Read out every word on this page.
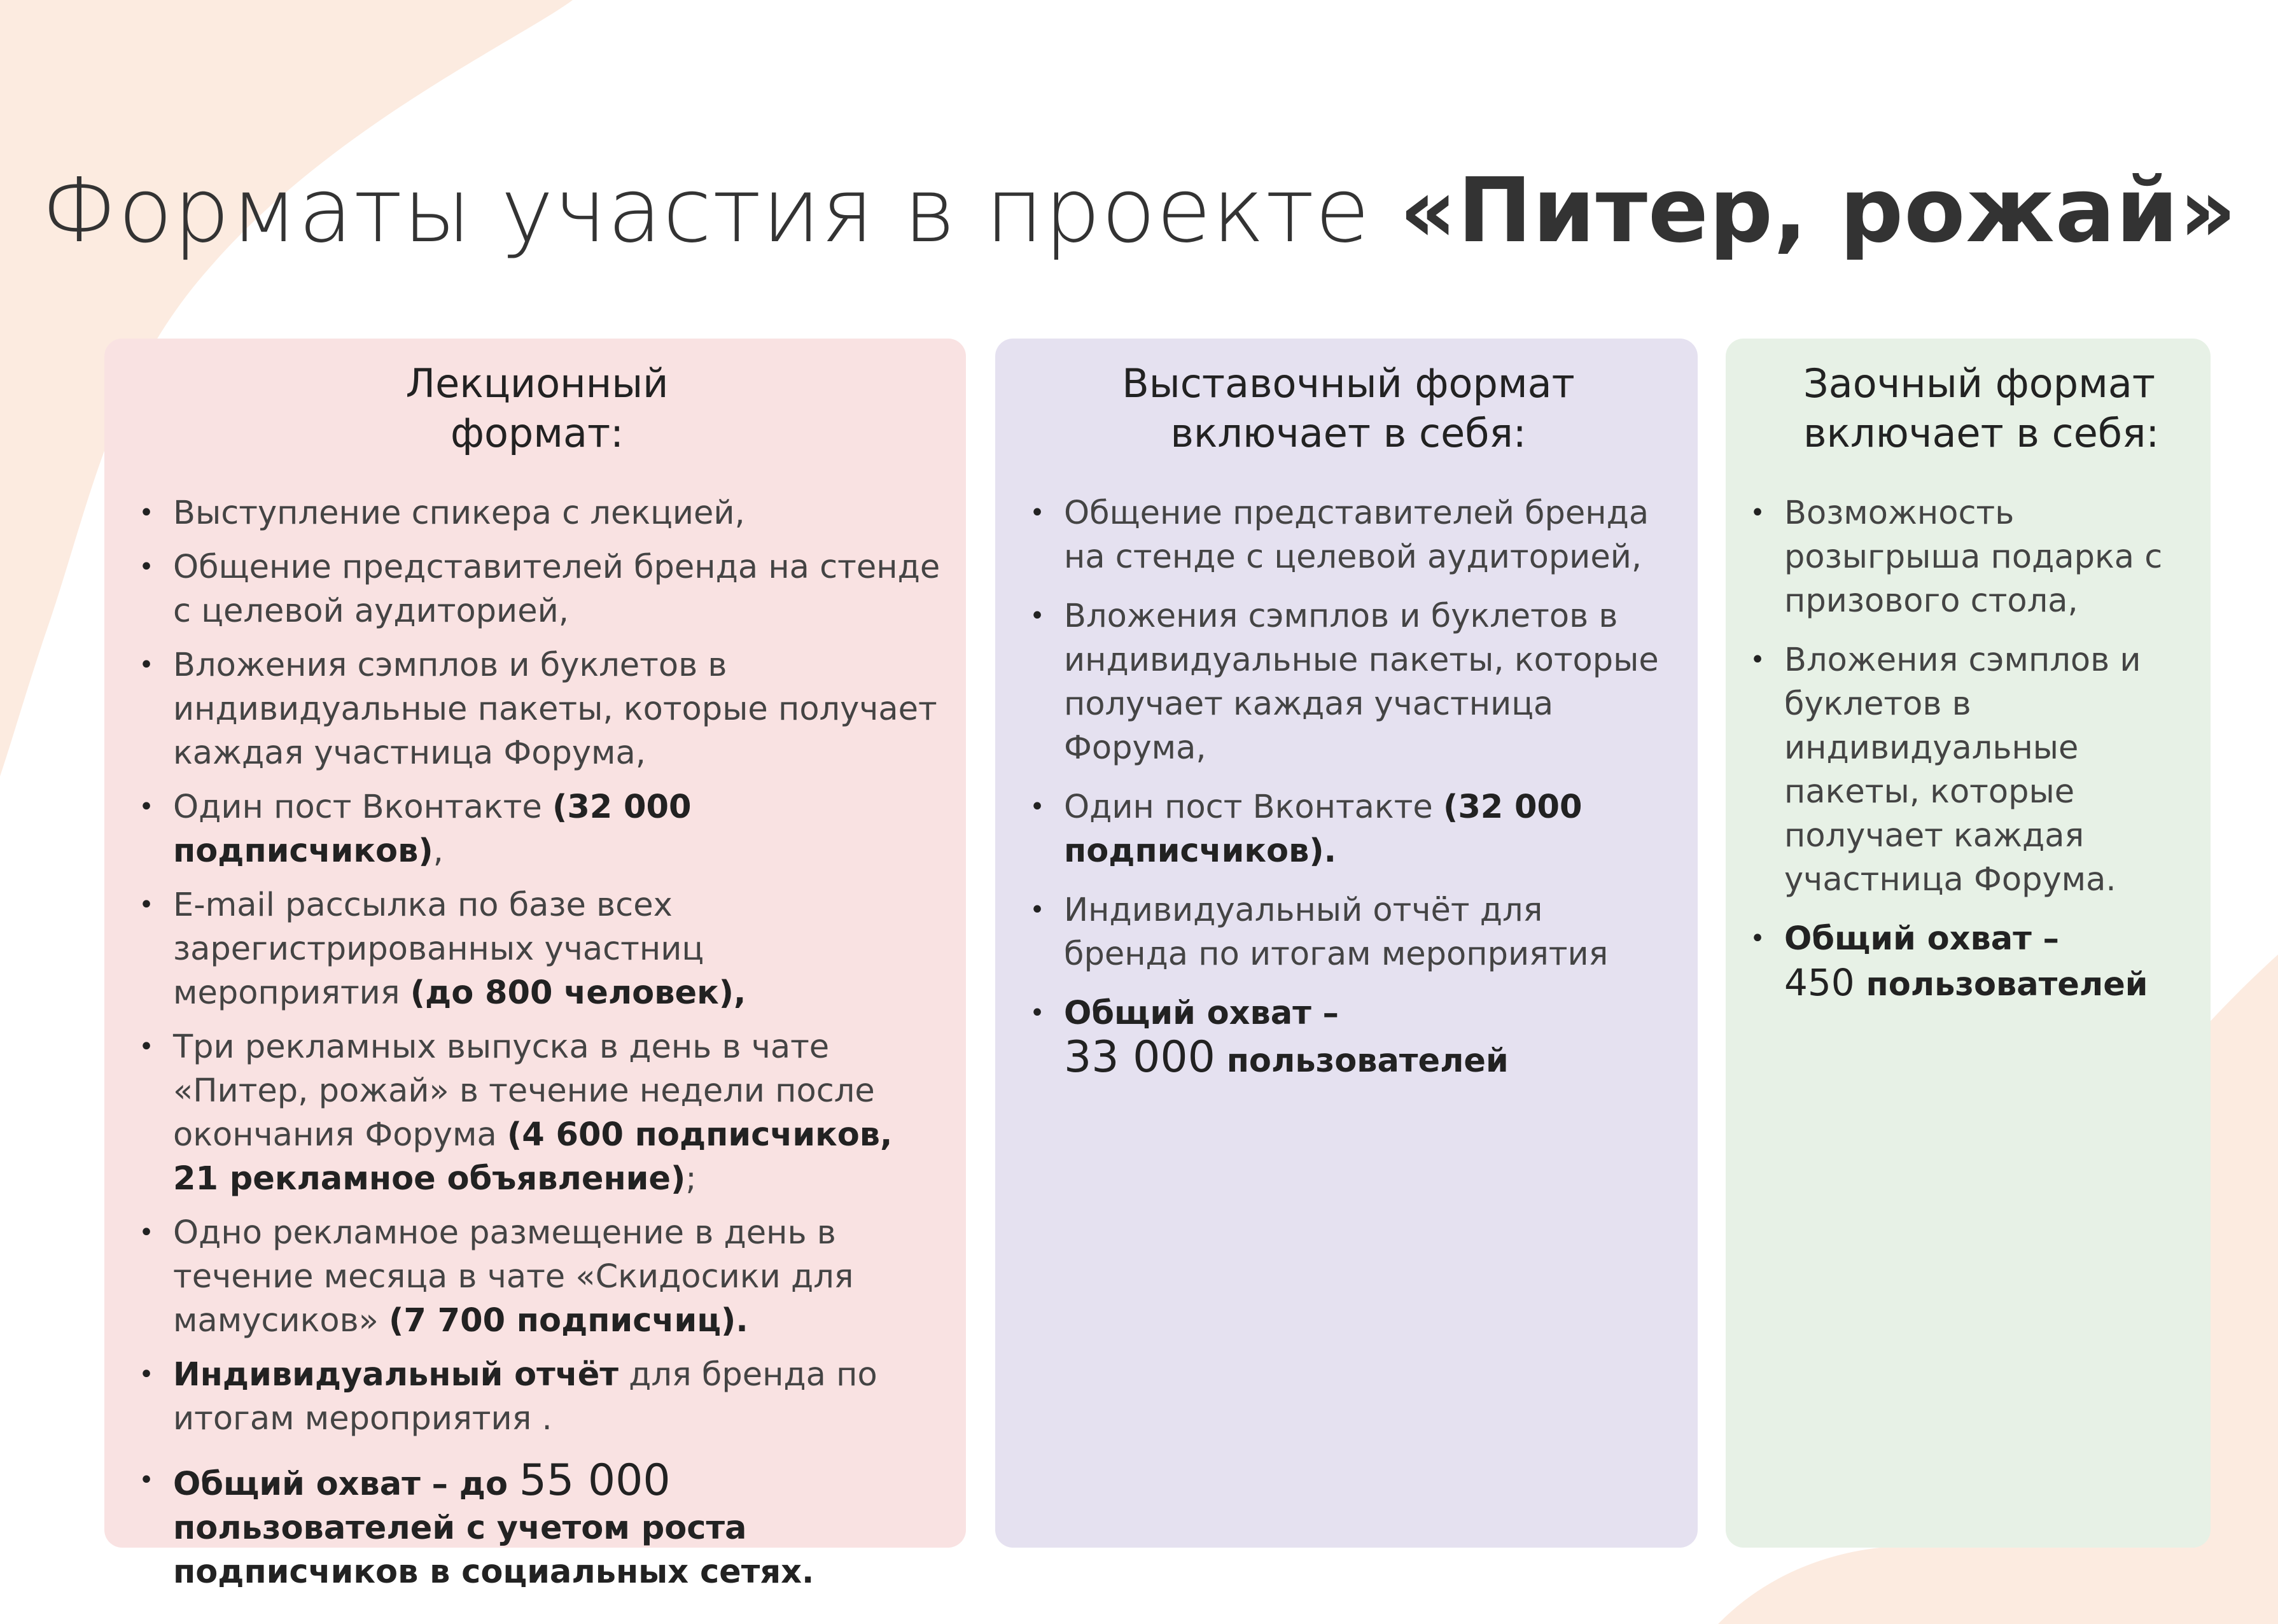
Форматы участия в проекте «Питер, рожай»
Лекционный
формат:
• Выступление спикера с лекцией,
• Общение представителей бренда на стенде с целевой аудиторией,
• Вложения сэмплов и буклетов в индивидуальные пакеты, которые получает каждая участница Форума,
• Один пост Вконтакте (32 000 подписчиков),
• E-mail рассылка по базе всех зарегистрированных участниц мероприятия (до 800 человек),
• Три рекламных выпуска в день в чате «Питер, рожай» в течение недели после окончания Форума (4 600 подписчиков, 21 рекламное объявление);
• Одно рекламное размещение в день в течение месяца в чате «Скидосики для мамусиков» (7 700 подписчиц).
• Индивидуальный отчёт для бренда по итогам мероприятия .
• Общий охват – до 55 000 пользователей с учетом роста подписчиков в социальных сетях.
Выставочный формат
включает в себя:
• Общение представителей бренда на стенде с целевой аудиторией,
• Вложения сэмплов и буклетов в индивидуальные пакеты, которые получает каждая участница Форума,
• Один пост Вконтакте (32 000 подписчиков).
• Индивидуальный отчёт для бренда по итогам мероприятия
• Общий охват –
33 000 пользователей
Заочный формат
включает в себя:
• Возможность розыгрыша подарка с призового стола,
• Вложения сэмплов и буклетов в индивидуальные пакеты, которые получает каждая участница Форума.
• Общий охват –
450 пользователей
